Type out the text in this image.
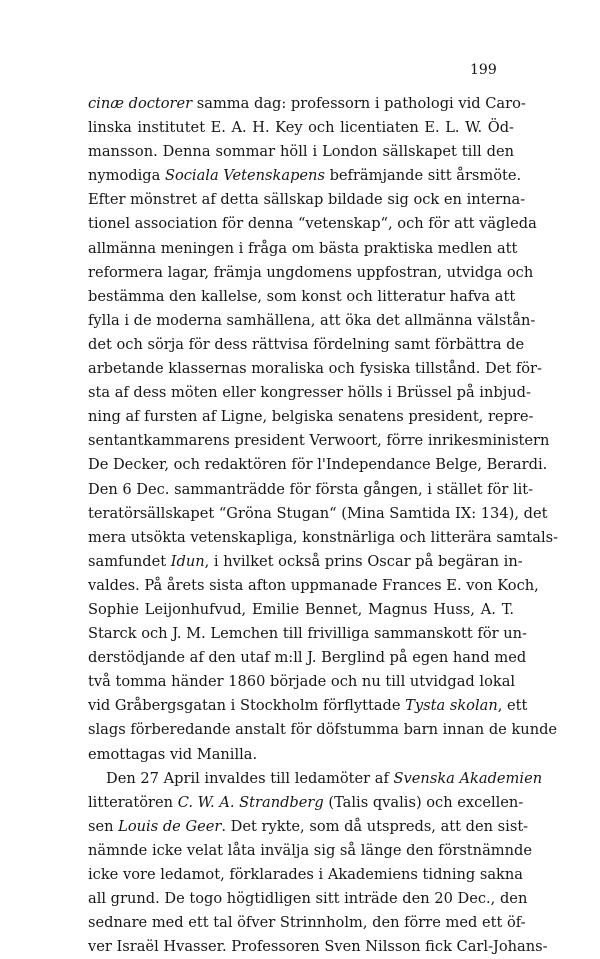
199
cinæ doctorer samma dag: professorn i pathologi vid Caro-
linska institutet E. A. H. Key och licentiaten E. L. W. Öd-
mansson. Denna sommar höll i London sällskapet till den
nymodiga Sociala Vetenskapens befrämjande sitt årsmöte.
Efter mönstret af detta sällskap bildade sig ock en interna-
tionel association för denna “vetenskap“, och för att vägleda
allmänna meningen i fråga om bästa praktiska medlen att
reformera lagar, främja ungdomens uppfostran, utvidga och
bestämma den kallelse, som konst och litteratur hafva att
fylla i de moderna samhällena, att öka det allmänna välstån-
det och sörja för dess rättvisa fördelning samt förbättra de
arbetande klassernas moraliska och fysiska tillstånd. Det för-
sta af dess möten eller kongresser hölls i Brüssel på inbjud-
ning af fursten af Ligne, belgiska senatens president, repre-
sentantkammarens president Verwoort, förre inrikesministern
De Decker, och redaktören för l'Independance Belge, Berardi.
Den 6 Dec. sammanträdde för första gången, i stället för lit-
teratörsällskapet “Gröna Stugan“ (Mina Samtida IX: 134), det
mera utsökta vetenskapliga, konstnärliga och litterära samtals-
samfundet Idun, i hvilket också prins Oscar på begäran in-
valdes. På årets sista afton uppmanade Frances E. von Koch,
Sophie Leijonhufvud, Emilie Bennet, Magnus Huss, A. T.
Starck och J. M. Lemchen till frivilliga sammanskott för un-
derstödjande af den utaf m:ll J. Berglind på egen hand med
två tomma händer 1860 började och nu till utvidgad lokal
vid Gråbergsgatan i Stockholm förflyttade Tysta skolan, ett
slags förberedande anstalt för döfstumma barn innan de kunde
emottagas vid Manilla.
Den 27 April invaldes till ledamöter af Svenska Akademien
litteratören C. W. A. Strandberg (Talis qvalis) och excellen-
sen Louis de Geer. Det rykte, som då utspreds, att den sist-
nämnde icke velat låta invälja sig så länge den förstnämnde
icke vore ledamot, förklarades i Akademiens tidning sakna
all grund. De togo högtidligen sitt inträde den 20 Dec., den
sednare med ett tal öfver Strinnholm, den förre med ett öf-
ver Israël Hvasser. Professoren Sven Nilsson fick Carl-Johans-
